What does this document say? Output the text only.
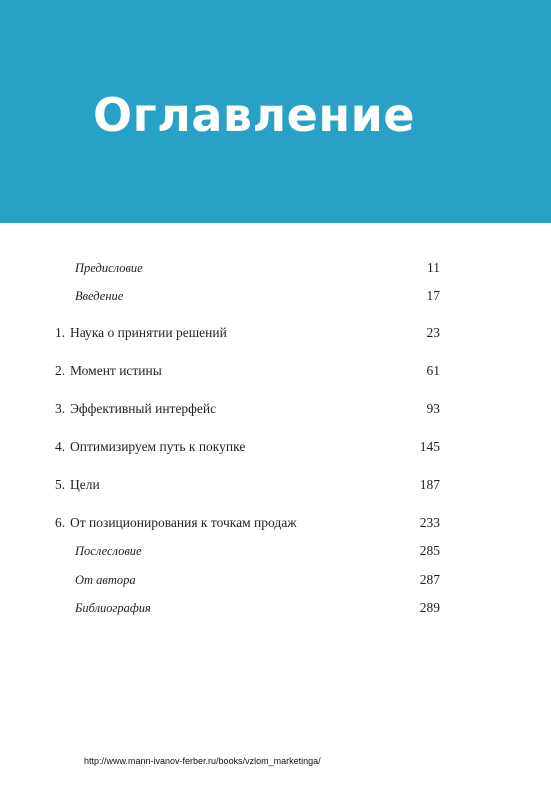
Оглавление
Предисловие	11
Введение	17
1. Наука о принятии решений	23
2. Момент истины	61
3. Эффективный интерфейс	93
4. Оптимизируем путь к покупке	145
5. Цели	187
6. От позиционирования к точкам продаж	233
Послесловие	285
От автора	287
Библиография	289
http://www.mann-ivanov-ferber.ru/books/vzlom_marketinga/
